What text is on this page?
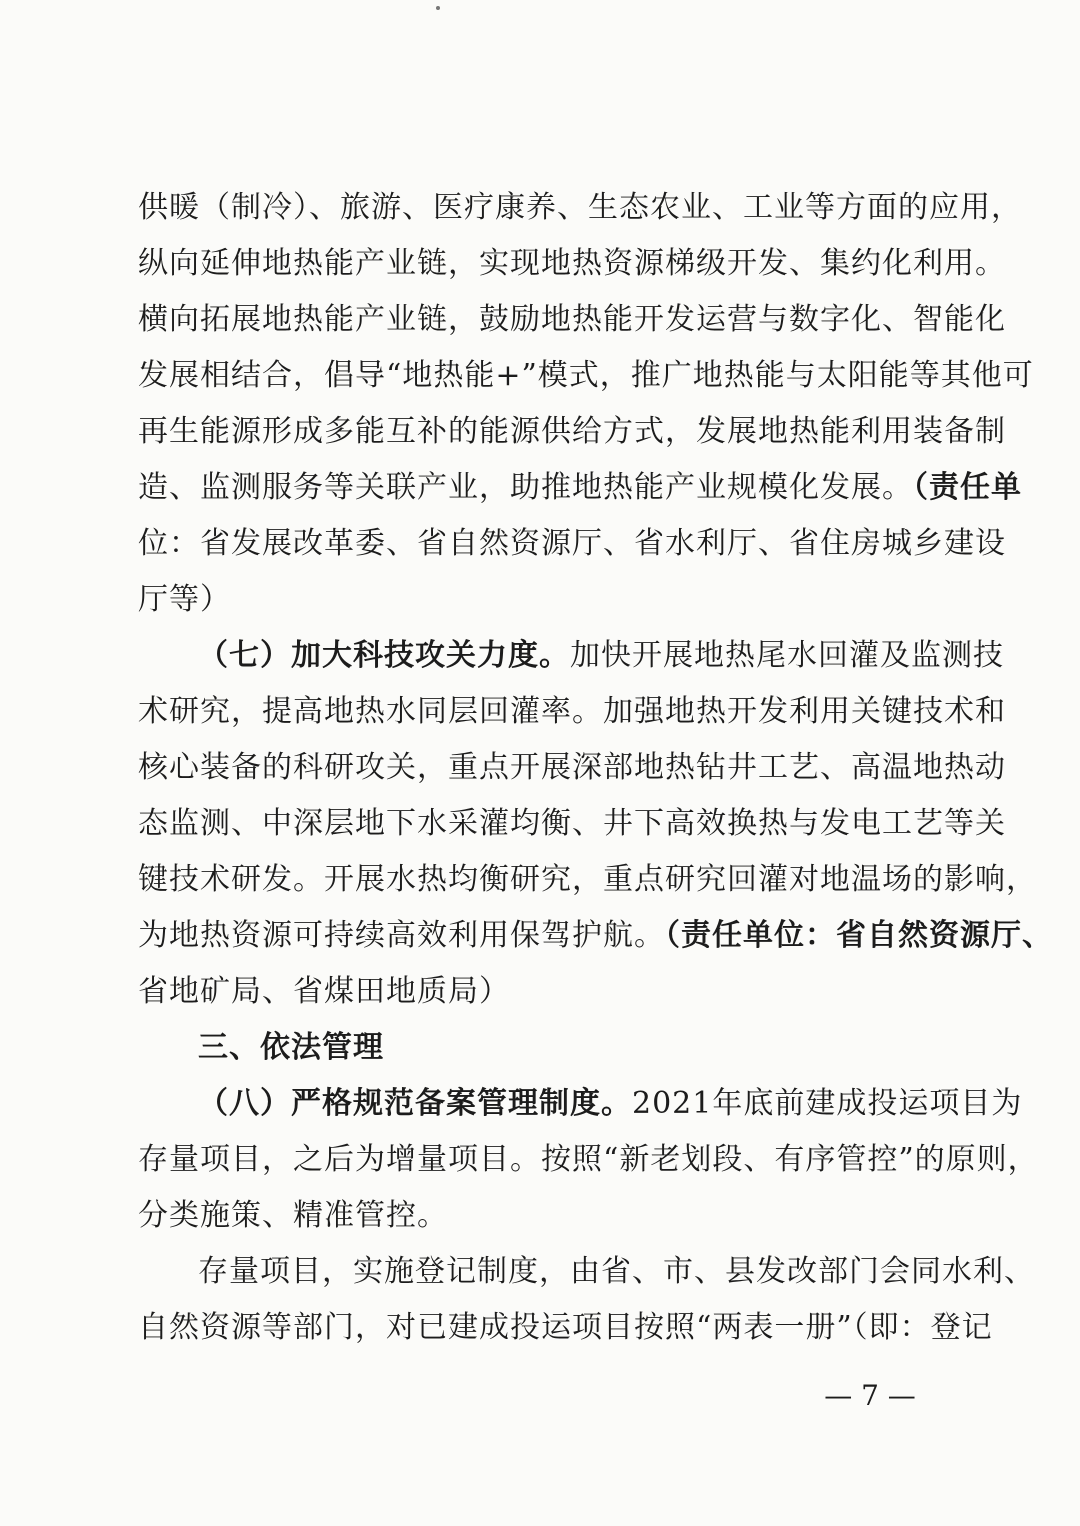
供暖（制冷）、旅游、医疗康养、生态农业、工业等方面的应用，
纵向延伸地热能产业链，实现地热资源梯级开发、集约化利用。
横向拓展地热能产业链，鼓励地热能开发运营与数字化、智能化
发展相结合，倡导“地热能+”模式，推广地热能与太阳能等其他可
再生能源形成多能互补的能源供给方式，发展地热能利用装备制
造、监测服务等关联产业，助推地热能产业规模化发展。（责任单
位：省发展改革委、省自然资源厅、省水利厅、省住房城乡建设
厅等）
（七）加大科技攻关力度。加快开展地热尾水回灌及监测技
术研究，提高地热水同层回灌率。加强地热开发利用关键技术和
核心装备的科研攻关，重点开展深部地热钻井工艺、高温地热动
态监测、中深层地下水采灌均衡、井下高效换热与发电工艺等关
键技术研发。开展水热均衡研究，重点研究回灌对地温场的影响，
为地热资源可持续高效利用保驾护航。（责任单位：省自然资源厅、
省地矿局、省煤田地质局）
三、依法管理
（八）严格规范备案管理制度。2021年底前建成投运项目为
存量项目，之后为增量项目。按照“新老划段、有序管控”的原则，
分类施策、精准管控。
存量项目，实施登记制度，由省、市、县发改部门会同水利、
自然资源等部门，对已建成投运项目按照“两表一册”（即：登记
— 7 —
